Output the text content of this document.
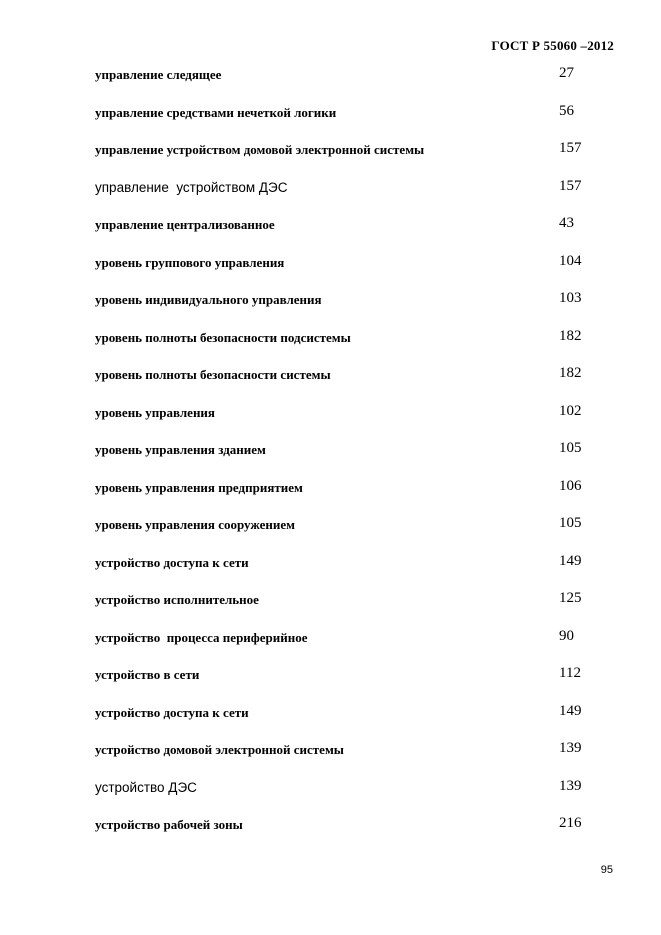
ГОСТ Р 55060 –2012
управление следящее	27
управление средствами нечеткой логики	56
управление устройством домовой электронной системы	157
управление  устройством ДЭС	157
управление централизованное	43
уровень группового управления	104
уровень индивидуального управления	103
уровень полноты безопасности подсистемы	182
уровень полноты безопасности системы	182
уровень управления	102
уровень управления зданием	105
уровень управления предприятием	106
уровень управления сооружением	105
устройство доступа к сети	149
устройство исполнительное	125
устройство  процесса периферийное	90
устройство в сети	112
устройство доступа к сети	149
устройство домовой электронной системы	139
устройство ДЭС	139
устройство рабочей зоны	216
95
